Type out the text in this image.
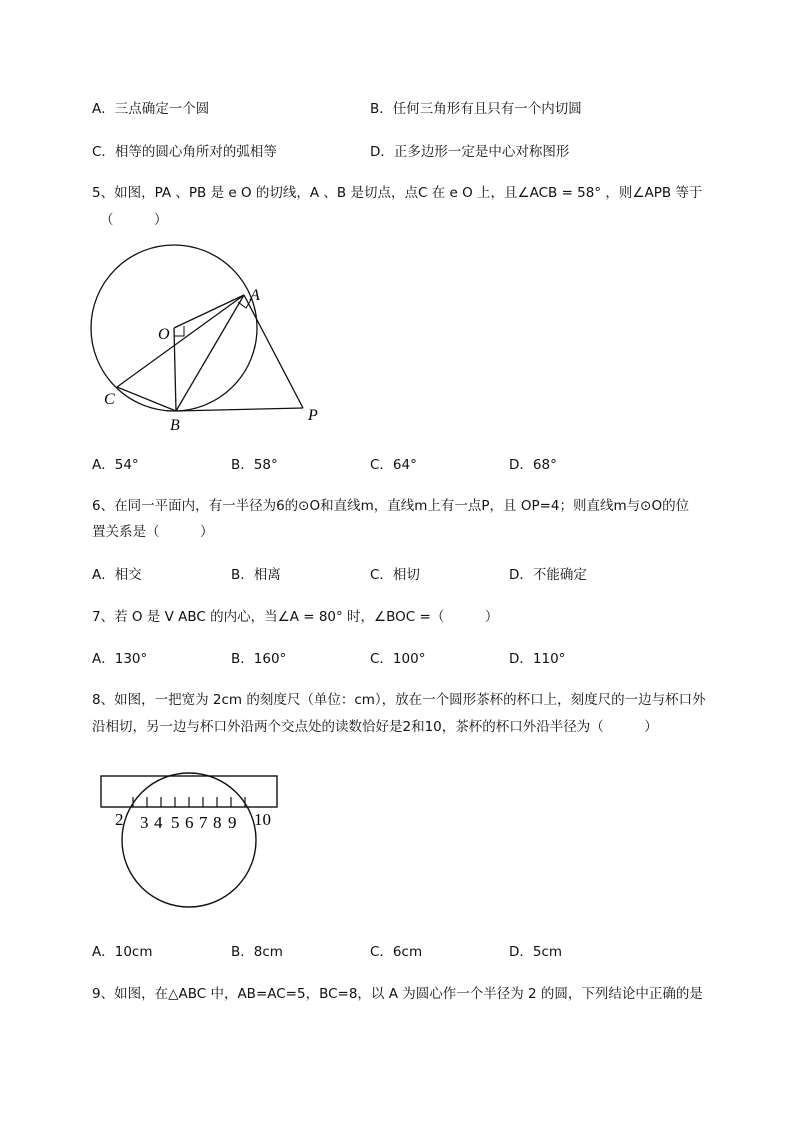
A．三点确定一个圆	B．任何三角形有且只有一个内切圆
C．相等的圆心角所对的弧相等	D．正多边形一定是中心对称图形
5、如图，PA 、PB 是 e O 的切线，A 、B 是切点，点C 在 e O 上，且∠ACB = 58° ，则∠APB 等于
（　　　）
A
O
C
B
P
A．54°	B．58°	C．64°	D．68°
6、在同一平面内，有一半径为6的⊙O和直线m，直线m上有一点P，且 OP=4；则直线m与⊙O的位
置关系是（　　　）
A．相交	B．相离	C．相切	D．不能确定
7、若 O 是 V ABC 的内心，当∠A = 80° 时，∠BOC =（　　　）
A．130°	B．160°	C．100°	D．110°
8、如图，一把宽为 2cm 的刻度尺（单位：cm），放在一个圆形茶杯的杯口上，刻度尺的一边与杯口外
沿相切，另一边与杯口外沿两个交点处的读数恰好是2和10，茶杯的杯口外沿半径为（　　　）
2 3 4 5 6 7 8 9 10
A．10cm	B．8cm	C．6cm	D．5cm
9、如图，在△ABC 中，AB=AC=5，BC=8，以 A 为圆心作一个半径为 2 的圆，下列结论中正确的是
